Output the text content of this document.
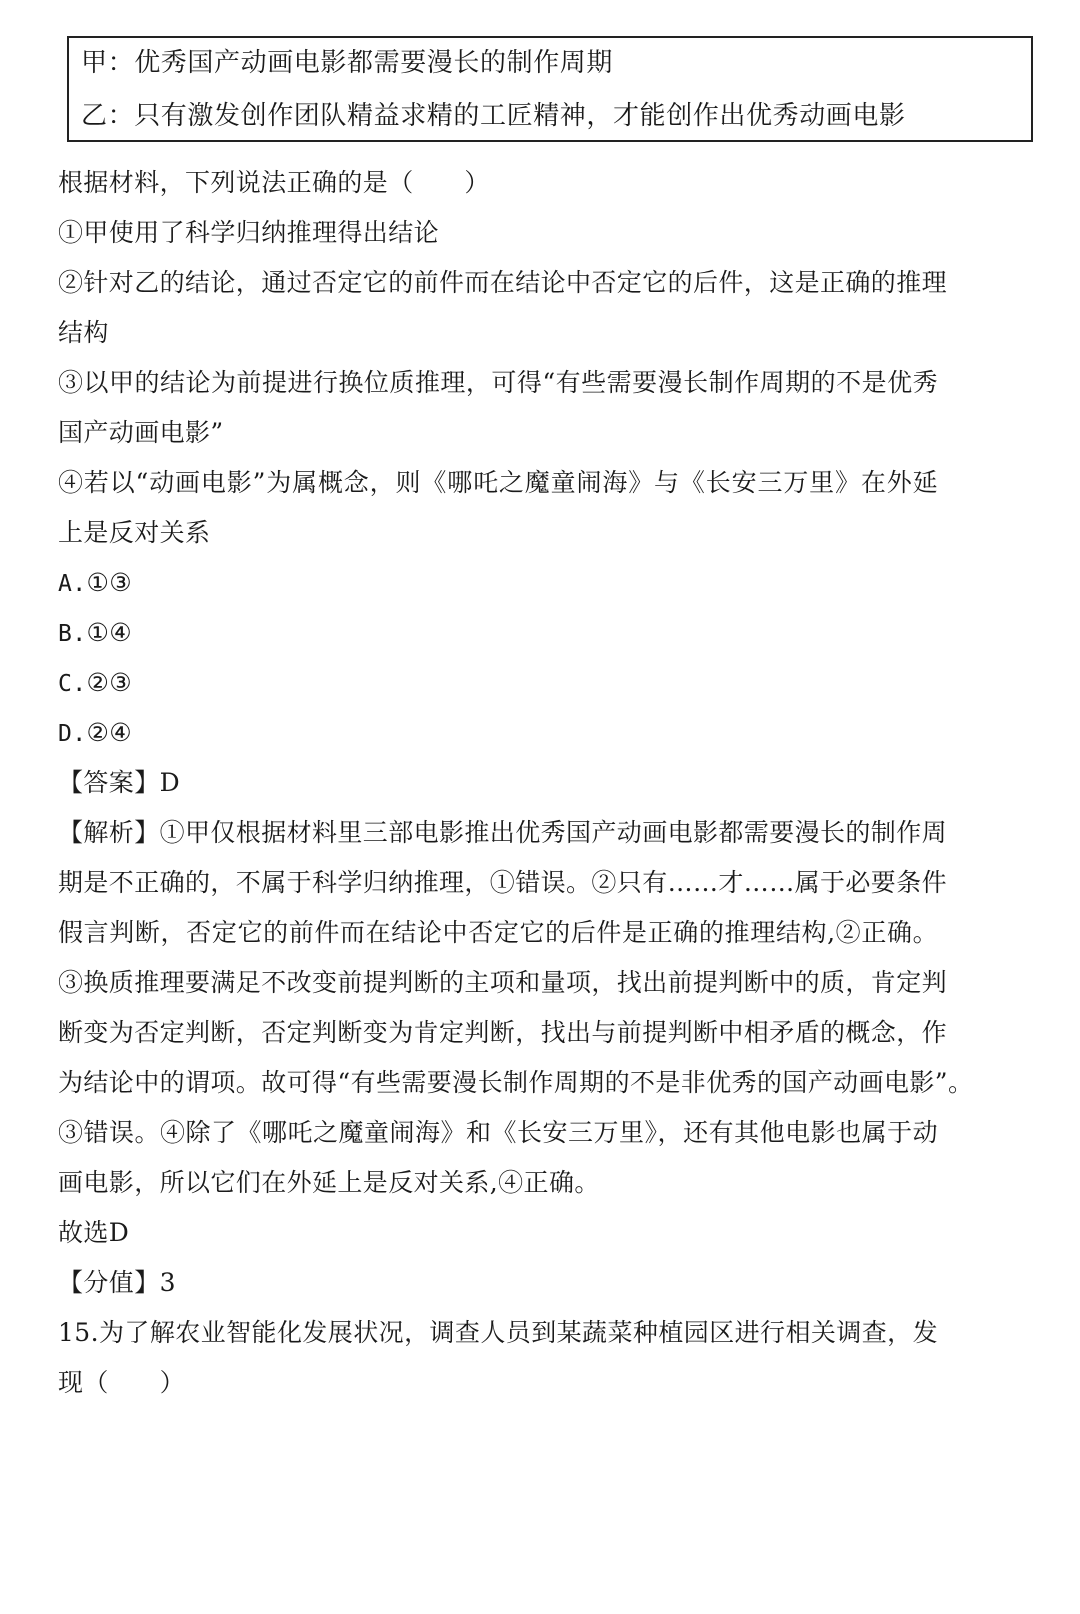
甲：优秀国产动画电影都需要漫长的制作周期
乙：只有激发创作团队精益求精的工匠精神，才能创作出优秀动画电影
根据材料，下列说法正确的是（　　）
①甲使用了科学归纳推理得出结论
②针对乙的结论，通过否定它的前件而在结论中否定它的后件，这是正确的推理
结构
③以甲的结论为前提进行换位质推理，可得“有些需要漫长制作周期的不是优秀
国产动画电影”
④若以“动画电影”为属概念，则《哪吒之魔童闹海》与《长安三万里》在外延
上是反对关系
A.①③
B.①④
C.②③
D.②④
【答案】D
【解析】①甲仅根据材料里三部电影推出优秀国产动画电影都需要漫长的制作周
期是不正确的，不属于科学归纳推理，①错误。②只有……才……属于必要条件
假言判断，否定它的前件而在结论中否定它的后件是正确的推理结构,②正确。
③换质推理要满足不改变前提判断的主项和量项，找出前提判断中的质，肯定判
断变为否定判断，否定判断变为肯定判断，找出与前提判断中相矛盾的概念，作
为结论中的谓项。故可得“有些需要漫长制作周期的不是非优秀的国产动画电影”。
③错误。④除了《哪吒之魔童闹海》和《长安三万里》，还有其他电影也属于动
画电影，所以它们在外延上是反对关系,④正确。
故选D
【分值】3
15.为了解农业智能化发展状况，调查人员到某蔬菜种植园区进行相关调查，发
现（　　）
